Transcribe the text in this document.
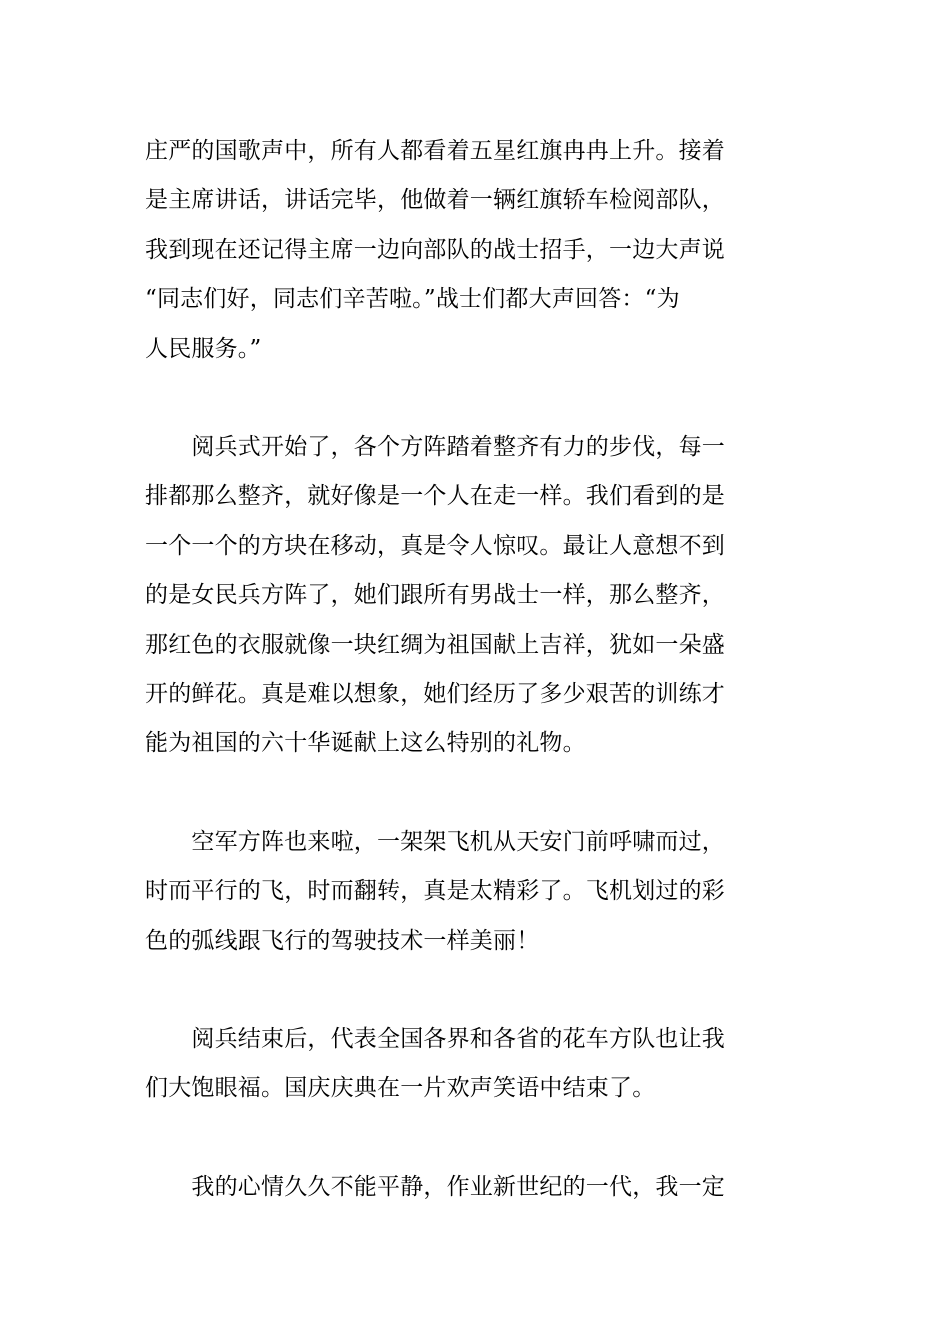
庄严的国歌声中，所有人都看着五星红旗冉冉上升。接着
是主席讲话，讲话完毕，他做着一辆红旗轿车检阅部队，
我到现在还记得主席一边向部队的战士招手，一边大声说
“同志们好，同志们辛苦啦。”战士们都大声回答：“为
人民服务。”

　　阅兵式开始了，各个方阵踏着整齐有力的步伐，每一
排都那么整齐，就好像是一个人在走一样。我们看到的是
一个一个的方块在移动，真是令人惊叹。最让人意想不到
的是女民兵方阵了，她们跟所有男战士一样，那么整齐，
那红色的衣服就像一块红绸为祖国献上吉祥，犹如一朵盛
开的鲜花。真是难以想象，她们经历了多少艰苦的训练才
能为祖国的六十华诞献上这么特别的礼物。

　　空军方阵也来啦，一架架飞机从天安门前呼啸而过，
时而平行的飞，时而翻转，真是太精彩了。飞机划过的彩
色的弧线跟飞行的驾驶技术一样美丽！

　　阅兵结束后，代表全国各界和各省的花车方队也让我
们大饱眼福。国庆庆典在一片欢声笑语中结束了。

　　我的心情久久不能平静，作业新世纪的一代，我一定
